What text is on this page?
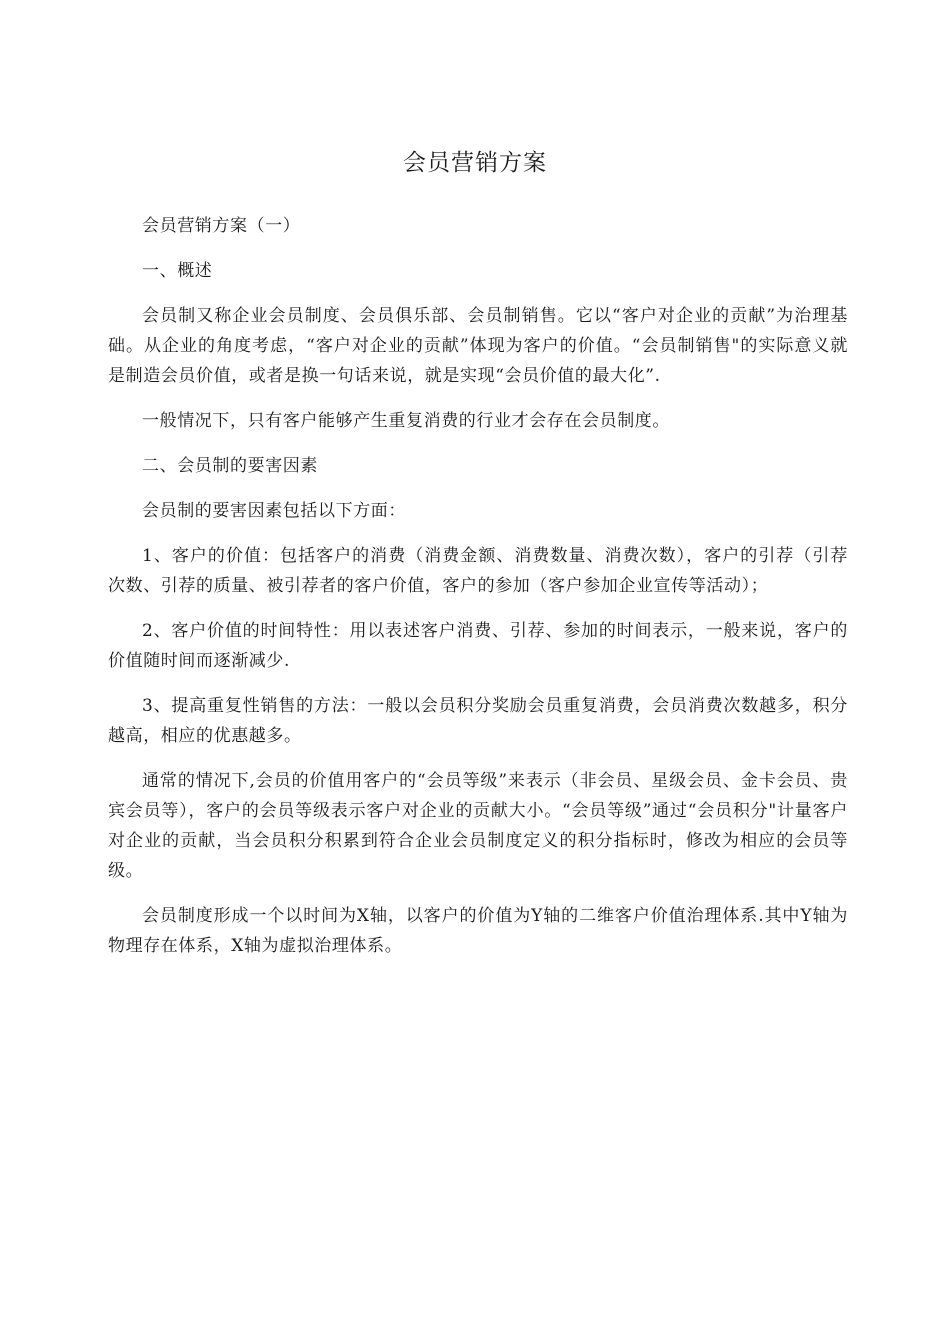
会员营销方案

会员营销方案（一）

一、概述

会员制又称企业会员制度、会员俱乐部、会员制销售。它以“客户对企业的贡献”为治理基础。从企业的角度考虑，“客户对企业的贡献”体现为客户的价值。“会员制销售"的实际意义就是制造会员价值，或者是换一句话来说，就是实现“会员价值的最大化”.

一般情况下，只有客户能够产生重复消费的行业才会存在会员制度。

二、会员制的要害因素

会员制的要害因素包括以下方面：

1、客户的价值：包括客户的消费（消费金额、消费数量、消费次数），客户的引荐（引荐次数、引荐的质量、被引荐者的客户价值，客户的参加（客户参加企业宣传等活动）；

2、客户价值的时间特性：用以表述客户消费、引荐、参加的时间表示，一般来说，客户的价值随时间而逐渐减少.

3、提高重复性销售的方法：一般以会员积分奖励会员重复消费，会员消费次数越多，积分越高，相应的优惠越多。

通常的情况下,会员的价值用客户的“会员等级”来表示（非会员、星级会员、金卡会员、贵宾会员等），客户的会员等级表示客户对企业的贡献大小。“会员等级”通过“会员积分"计量客户对企业的贡献，当会员积分积累到符合企业会员制度定义的积分指标时，修改为相应的会员等级。

会员制度形成一个以时间为X轴，以客户的价值为Y轴的二维客户价值治理体系.其中Y轴为物理存在体系，X轴为虚拟治理体系。
